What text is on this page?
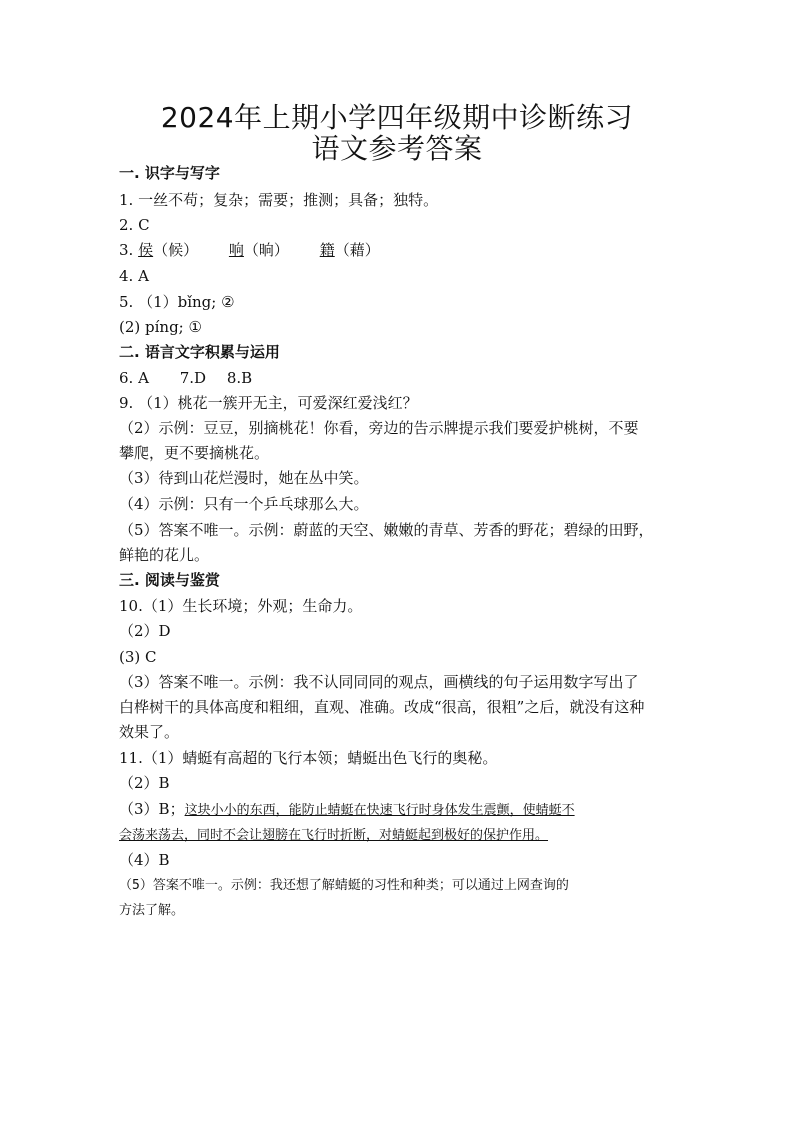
2024年上期小学四年级期中诊断练习
语文参考答案
一. 识字与写字
1. 一丝不苟；复杂；需要；推测；具备；独特。
2. C
3. 侯（候） 响（晌） 籍（藉）
4. A
5. （1）bǐng; ②
(2) píng; ①
二. 语言文字积累与运用
6. A 7.D 8.B
9. （1）桃花一簇开无主，可爱深红爱浅红？
（2）示例：豆豆，别摘桃花！你看，旁边的告示牌提示我们要爱护桃树，不要
攀爬，更不要摘桃花。
（3）待到山花烂漫时，她在丛中笑。
（4）示例：只有一个乒乓球那么大。
（5）答案不唯一。示例：蔚蓝的天空、嫩嫩的青草、芳香的野花；碧绿的田野，
鲜艳的花儿。
三. 阅读与鉴赏
10.（1）生长环境；外观；生命力。
（2）D
(3) C
（3）答案不唯一。示例：我不认同同同的观点，画横线的句子运用数字写出了
白桦树干的具体高度和粗细，直观、准确。改成“很高，很粗”之后，就没有这种
效果了。
11.（1）蜻蜓有高超的飞行本领；蜻蜓出色飞行的奥秘。
（2）B
（3）B；这块小小的东西，能防止蜻蜓在快速飞行时身体发生震颤，使蜻蜓不
会荡来荡去，同时不会让翅膀在飞行时折断，对蜻蜓起到极好的保护作用。
（4）B
（5）答案不唯一。示例：我还想了解蜻蜓的习性和种类；可以通过上网查询的
方法了解。
